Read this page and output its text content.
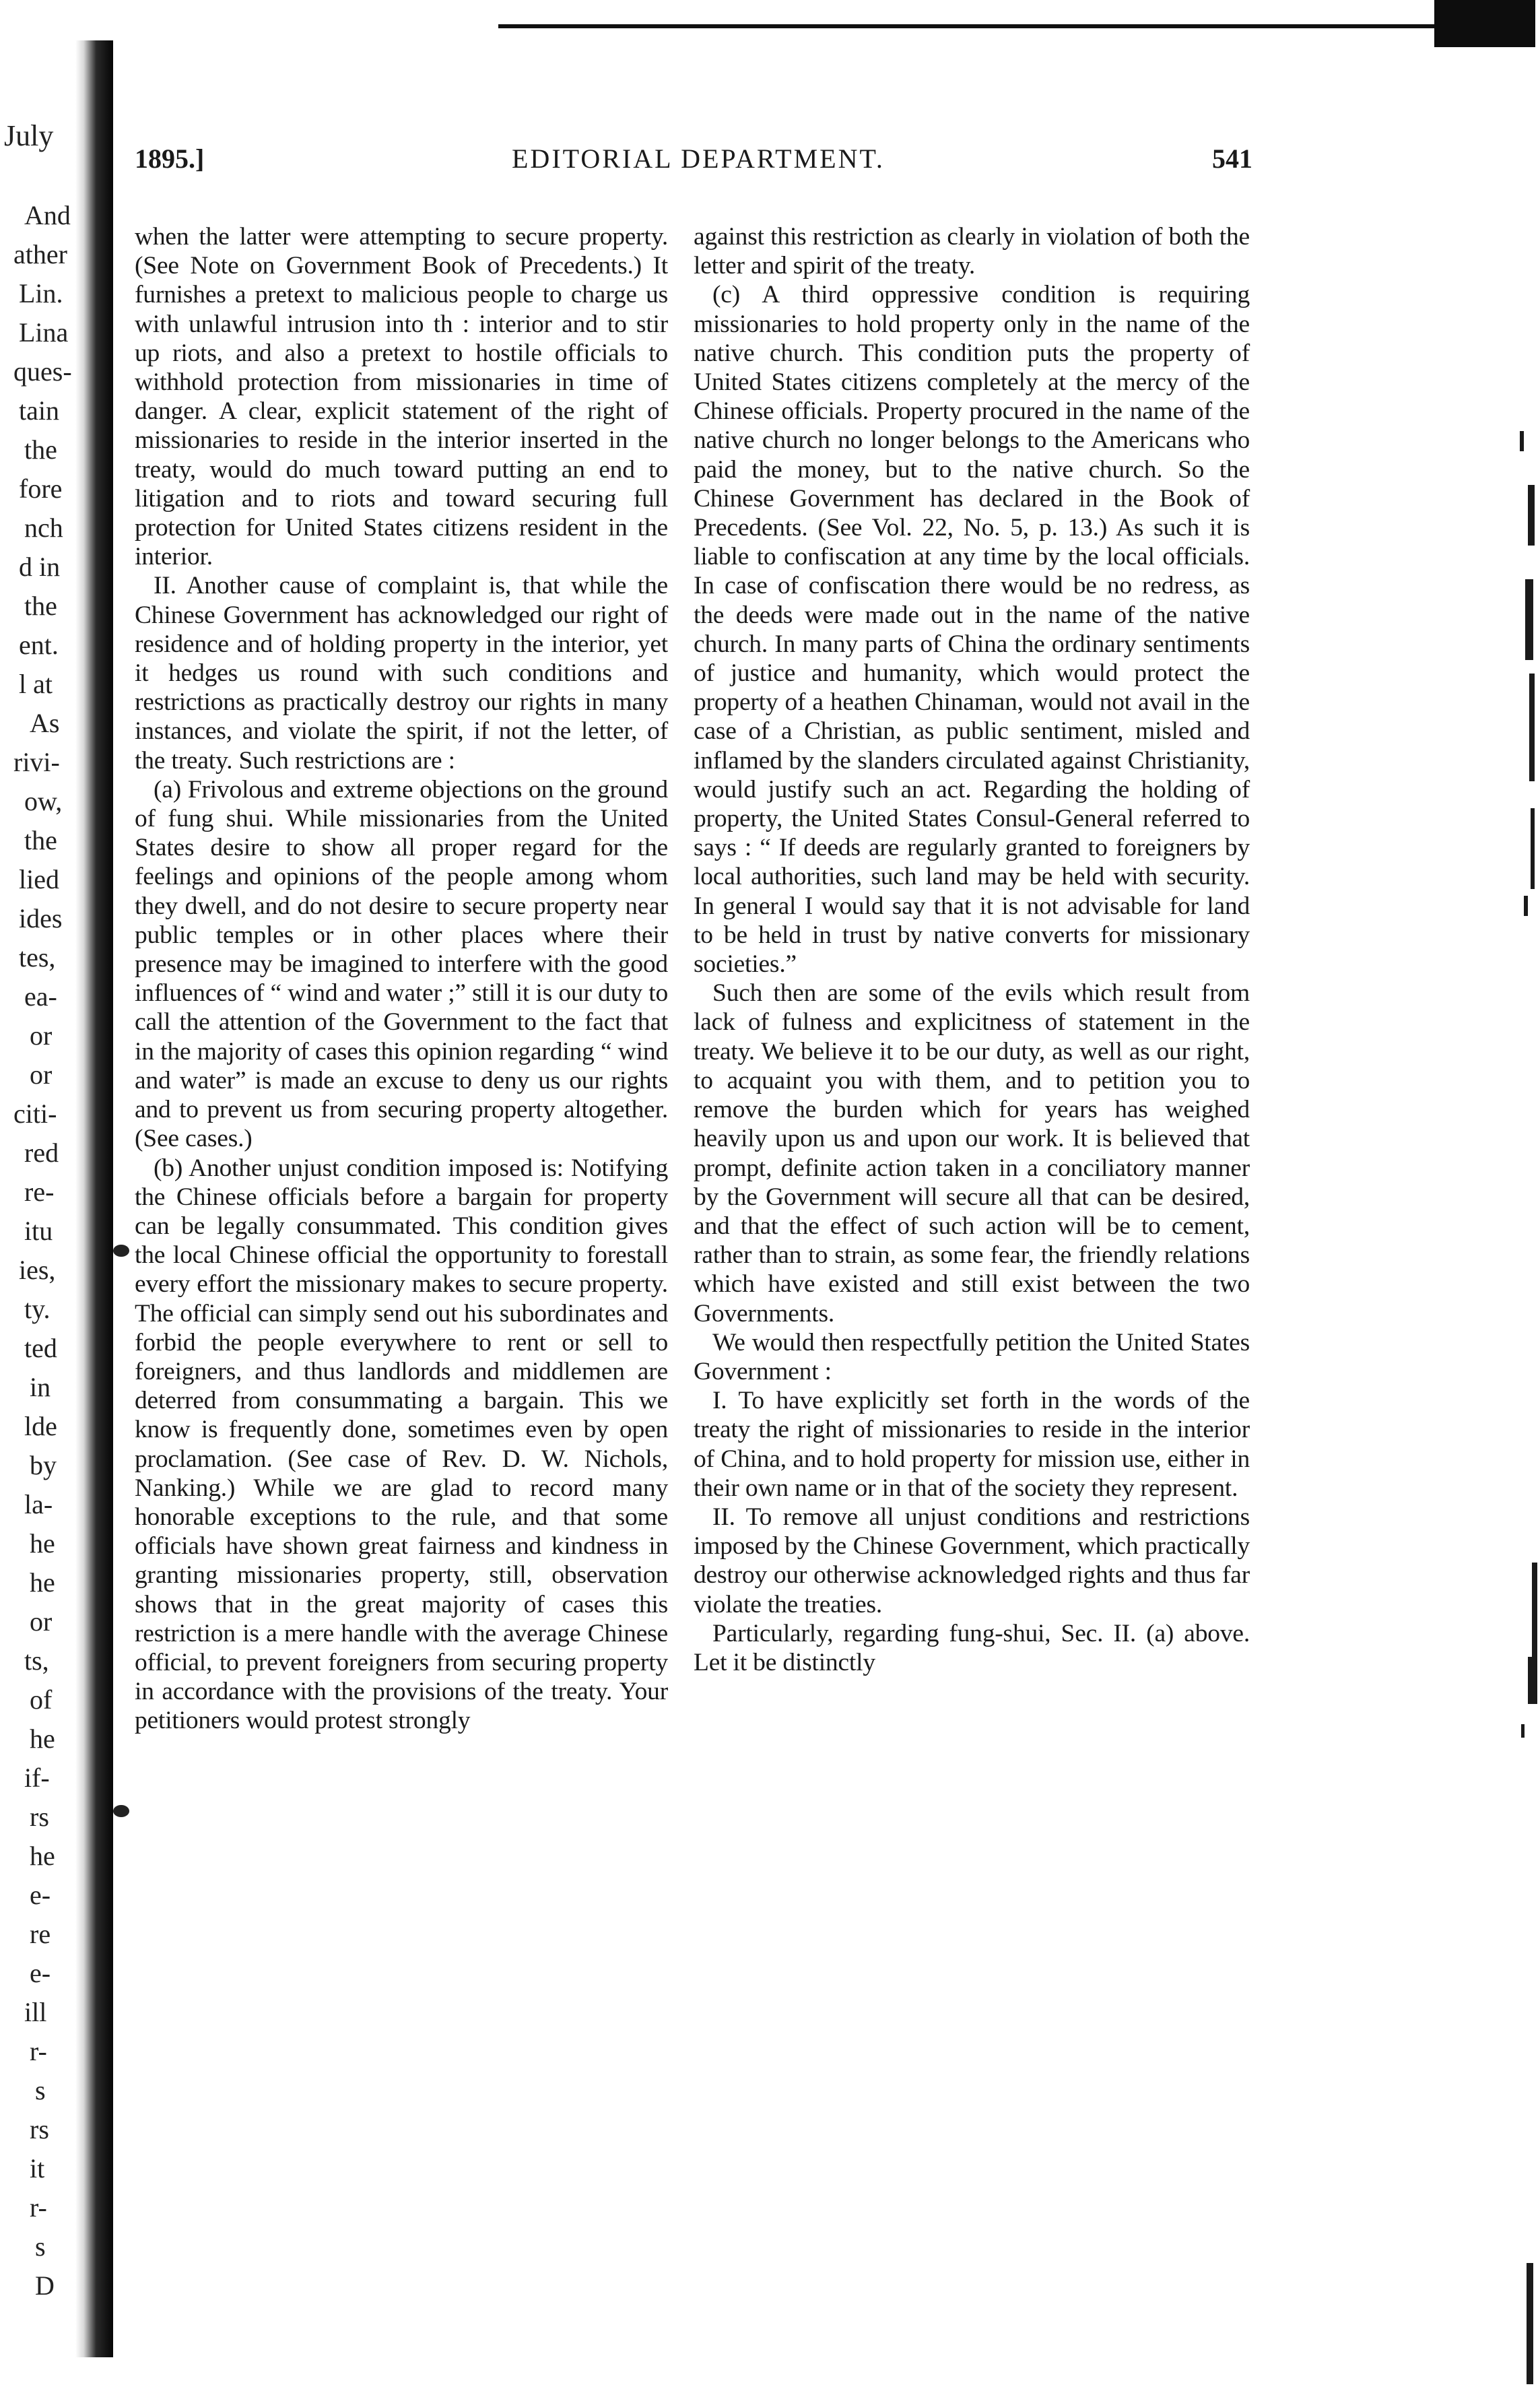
July
And
ather
Lin.
Lina
ques-
tain
the
fore
nch
d in
the
ent.
l at
As
rivi-
ow,
the
lied
ides
tes,
ea-
or
or
citi-
red
re-
itu
ies,
ty.
ted
in
lde
by
la-
he
he
or
ts,
of
he
if-
rs
he
e-
re
e-
ill
r-
s
rs
it
r-
s
D
1895.]	EDITORIAL DEPARTMENT.	541

when the latter were attempting to secure property. (See Note on Government Book of Precedents.) It furnishes a pretext to malicious people to charge us with unlawful intrusion into th : interior and to stir up riots, and also a pretext to hostile officials to withhold protection from missionaries in time of danger. A clear, explicit statement of the right of missionaries to reside in the interior inserted in the treaty, would do much toward putting an end to litigation and to riots and toward securing full protection for United States citizens resident in the interior.

II. Another cause of complaint is, that while the Chinese Government has acknowledged our right of residence and of holding property in the interior, yet it hedges us round with such conditions and restrictions as practically destroy our rights in many instances, and violate the spirit, if not the letter, of the treaty. Such restrictions are :

(a) Frivolous and extreme objections on the ground of fung shui. While missionaries from the United States desire to show all proper regard for the feelings and opinions of the people among whom they dwell, and do not desire to secure property near public temples or in other places where their presence may be imagined to interfere with the good influences of “ wind and water ;” still it is our duty to call the attention of the Government to the fact that in the majority of cases this opinion regarding “ wind and water” is made an excuse to deny us our rights and to prevent us from securing property altogether. (See cases.)

(b) Another unjust condition imposed is: Notifying the Chinese officials before a bargain for property can be legally consummated. This condition gives the local Chinese official the opportunity to forestall every effort the missionary makes to secure property. The official can simply send out his subordinates and forbid the people everywhere to rent or sell to foreigners, and thus landlords and middlemen are deterred from consummating a bargain. This we know is frequently done, sometimes even by open proclamation. (See case of Rev. D. W. Nichols, Nanking.) While we are glad to record many honorable exceptions to the rule, and that some officials have shown great fairness and kindness in granting missionaries property, still, observation shows that in the great majority of cases this restriction is a mere handle with the average Chinese official, to prevent foreigners from securing property in accordance with the provisions of the treaty. Your petitioners would protest strongly

against this restriction as clearly in violation of both the letter and spirit of the treaty.

(c) A third oppressive condition is requiring missionaries to hold property only in the name of the native church. This condition puts the property of United States citizens completely at the mercy of the Chinese officials. Property procured in the name of the native church no longer belongs to the Americans who paid the money, but to the native church. So the Chinese Government has declared in the Book of Precedents. (See Vol. 22, No. 5, p. 13.) As such it is liable to confiscation at any time by the local officials. In case of confiscation there would be no redress, as the deeds were made out in the name of the native church. In many parts of China the ordinary sentiments of justice and humanity, which would protect the property of a heathen Chinaman, would not avail in the case of a Christian, as public sentiment, misled and inflamed by the slanders circulated against Christianity, would justify such an act. Regarding the holding of property, the United States Consul-General referred to says : “ If deeds are regularly granted to foreigners by local authorities, such land may be held with security. In general I would say that it is not advisable for land to be held in trust by native converts for missionary societies.”

Such then are some of the evils which result from lack of fulness and explicitness of statement in the treaty. We believe it to be our duty, as well as our right, to acquaint you with them, and to petition you to remove the burden which for years has weighed heavily upon us and upon our work. It is believed that prompt, definite action taken in a conciliatory manner by the Government will secure all that can be desired, and that the effect of such action will be to cement, rather than to strain, as some fear, the friendly relations which have existed and still exist between the two Governments.

We would then respectfully petition the United States Government :

I. To have explicitly set forth in the words of the treaty the right of missionaries to reside in the interior of China, and to hold property for mission use, either in their own name or in that of the society they represent.

II. To remove all unjust conditions and restrictions imposed by the Chinese Government, which practically destroy our otherwise acknowledged rights and thus far violate the treaties.

Particularly, regarding fung-shui, Sec. II. (a) above. Let it be distinctly
